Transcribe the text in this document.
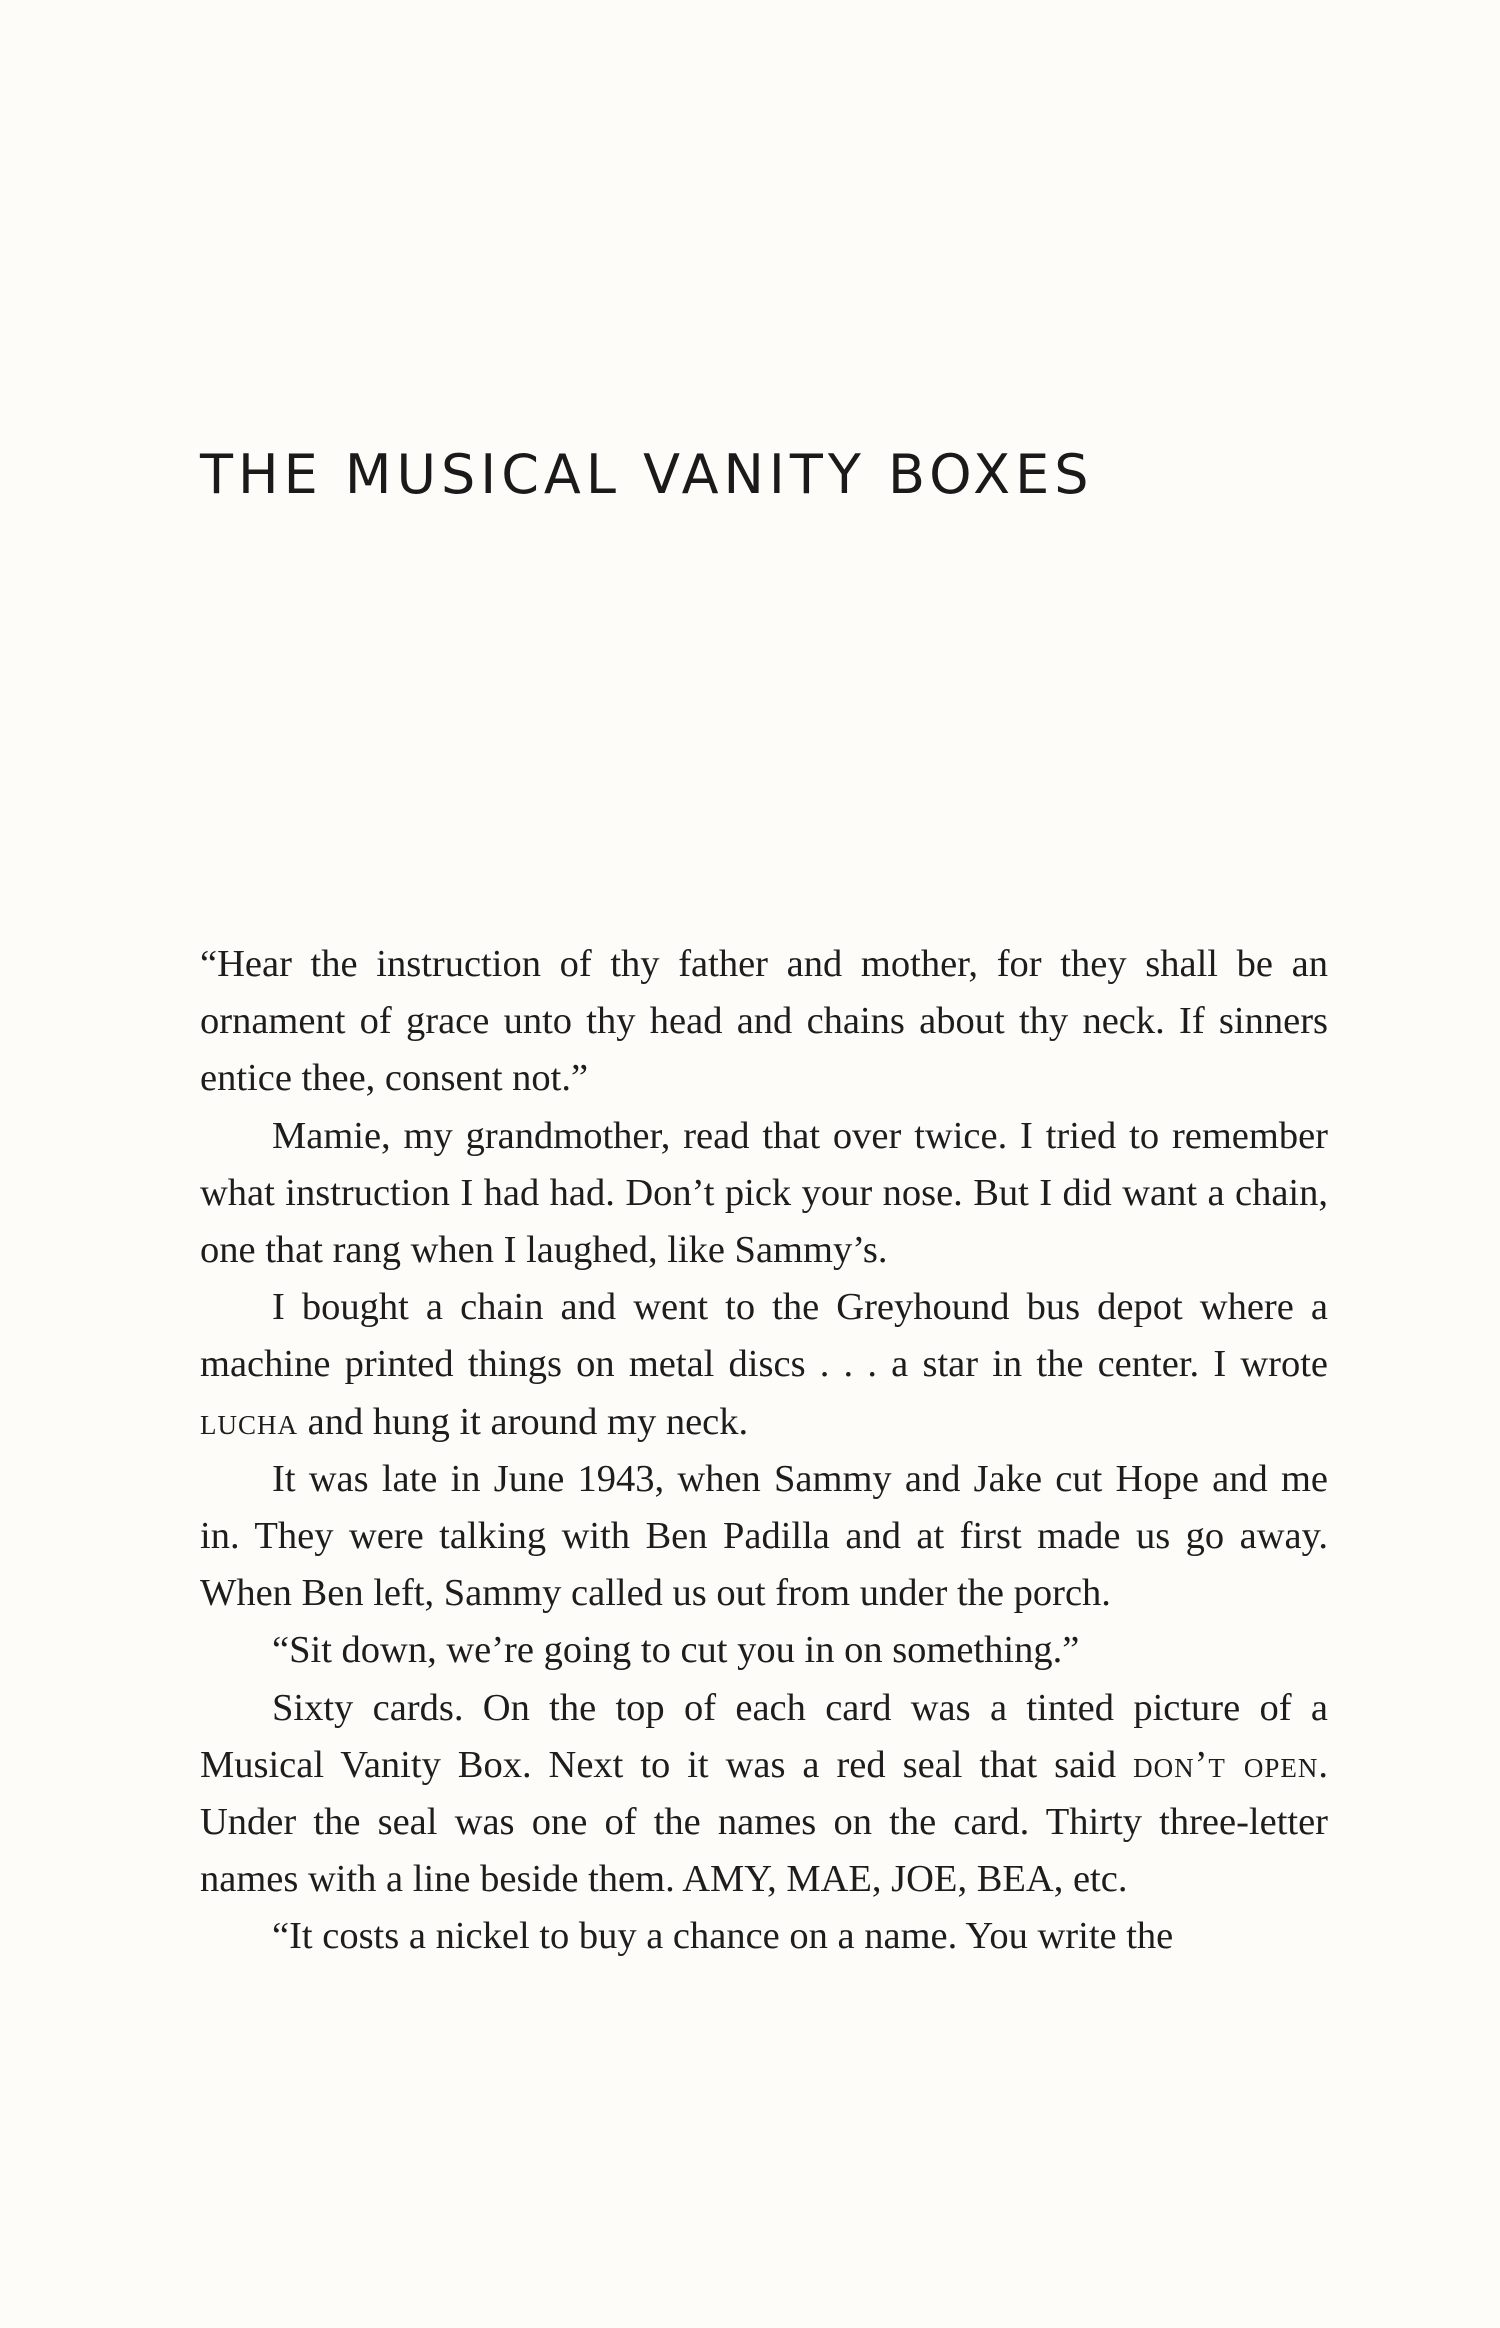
THE MUSICAL VANITY BOXES

“Hear the instruction of thy father and mother, for they shall be an ornament of grace unto thy head and chains about thy neck. If sinners entice thee, consent not.”

Mamie, my grandmother, read that over twice. I tried to remember what instruction I had had. Don’t pick your nose. But I did want a chain, one that rang when I laughed, like Sammy’s.

I bought a chain and went to the Greyhound bus depot where a machine printed things on metal discs . . . a star in the center. I wrote lucha and hung it around my neck.

It was late in June 1943, when Sammy and Jake cut Hope and me in. They were talking with Ben Padilla and at first made us go away. When Ben left, Sammy called us out from under the porch.

“Sit down, we’re going to cut you in on something.”

Sixty cards. On the top of each card was a tinted picture of a Musical Vanity Box. Next to it was a red seal that said don’t open. Under the seal was one of the names on the card. Thirty three-letter names with a line beside them. AMY, MAE, JOE, BEA, etc.

“It costs a nickel to buy a chance on a name. You write the
